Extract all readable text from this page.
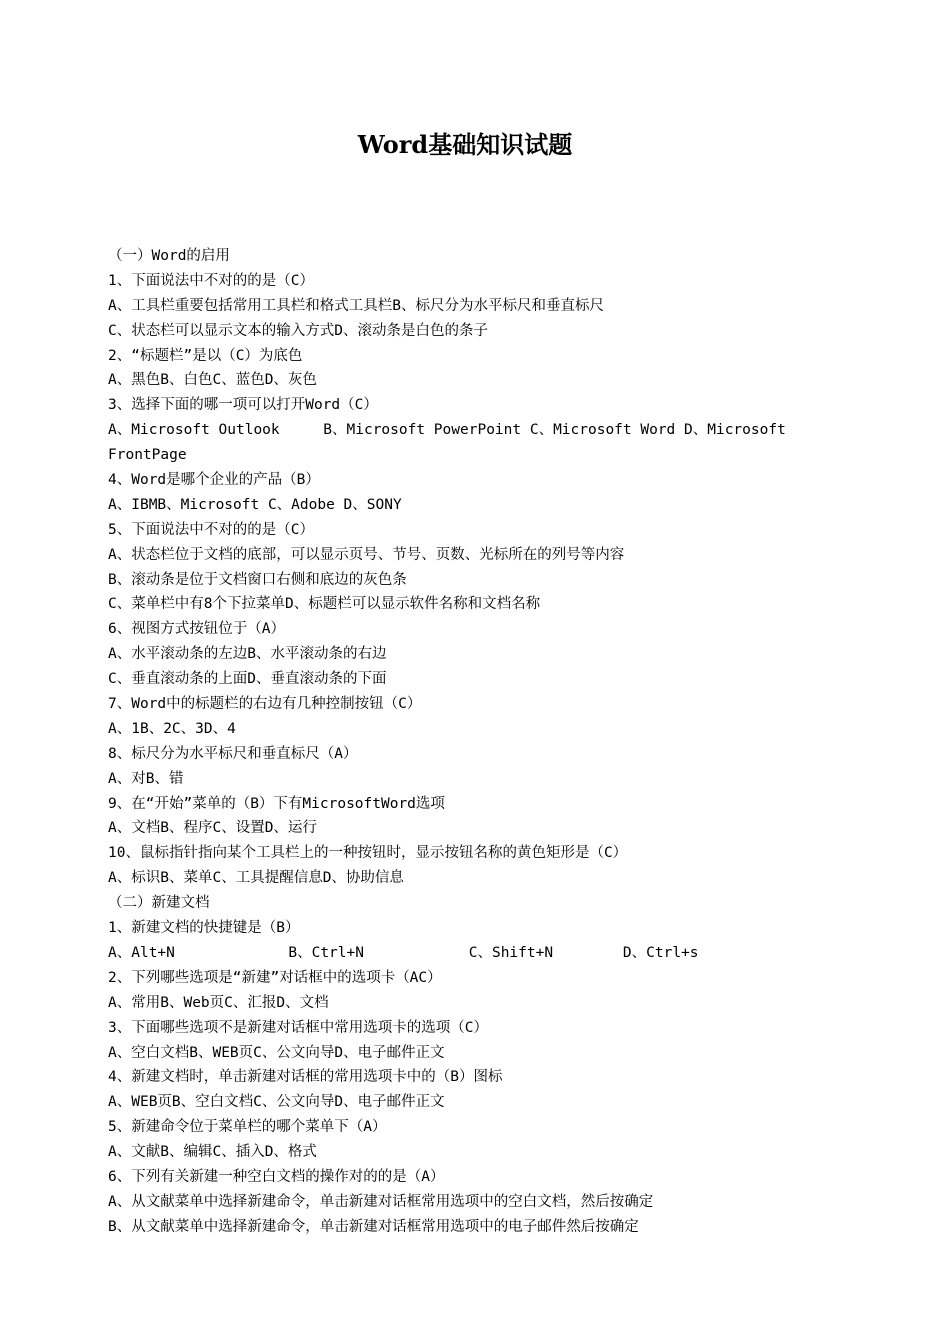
Word基础知识试题
（一）Word的启用
1、下面说法中不对的的是（C）
A、工具栏重要包括常用工具栏和格式工具栏B、标尺分为水平标尺和垂直标尺
C、状态栏可以显示文本的输入方式D、滚动条是白色的条子
2、“标题栏”是以（C）为底色
A、黑色B、白色C、蓝色D、灰色
3、选择下面的哪一项可以打开Word（C）
A、Microsoft Outlook     B、Microsoft PowerPoint C、Microsoft Word D、Microsoft
FrontPage
4、Word是哪个企业的产品（B）
A、IBMB、Microsoft C、Adobe D、SONY
5、下面说法中不对的的是（C）
A、状态栏位于文档的底部，可以显示页号、节号、页数、光标所在的列号等内容
B、滚动条是位于文档窗口右侧和底边的灰色条
C、菜单栏中有8个下拉菜单D、标题栏可以显示软件名称和文档名称
6、视图方式按钮位于（A）
A、水平滚动条的左边B、水平滚动条的右边
C、垂直滚动条的上面D、垂直滚动条的下面
7、Word中的标题栏的右边有几种控制按钮（C）
A、1B、2C、3D、4
8、标尺分为水平标尺和垂直标尺（A）
A、对B、错
9、在“开始”菜单的（B）下有MicrosoftWord选项
A、文档B、程序C、设置D、运行
10、鼠标指针指向某个工具栏上的一种按钮时，显示按钮名称的黄色矩形是（C）
A、标识B、菜单C、工具提醒信息D、协助信息
（二）新建文档
1、新建文档的快捷键是（B）
A、Alt+N             B、Ctrl+N            C、Shift+N        D、Ctrl+s
2、下列哪些选项是“新建”对话框中的选项卡（AC）
A、常用B、Web页C、汇报D、文档
3、下面哪些选项不是新建对话框中常用选项卡的选项（C）
A、空白文档B、WEB页C、公文向导D、电子邮件正文
4、新建文档时，单击新建对话框的常用选项卡中的（B）图标
A、WEB页B、空白文档C、公文向导D、电子邮件正文
5、新建命令位于菜单栏的哪个菜单下（A）
A、文献B、编辑C、插入D、格式
6、下列有关新建一种空白文档的操作对的的是（A）
A、从文献菜单中选择新建命令，单击新建对话框常用选项中的空白文档，然后按确定
B、从文献菜单中选择新建命令，单击新建对话框常用选项中的电子邮件然后按确定
